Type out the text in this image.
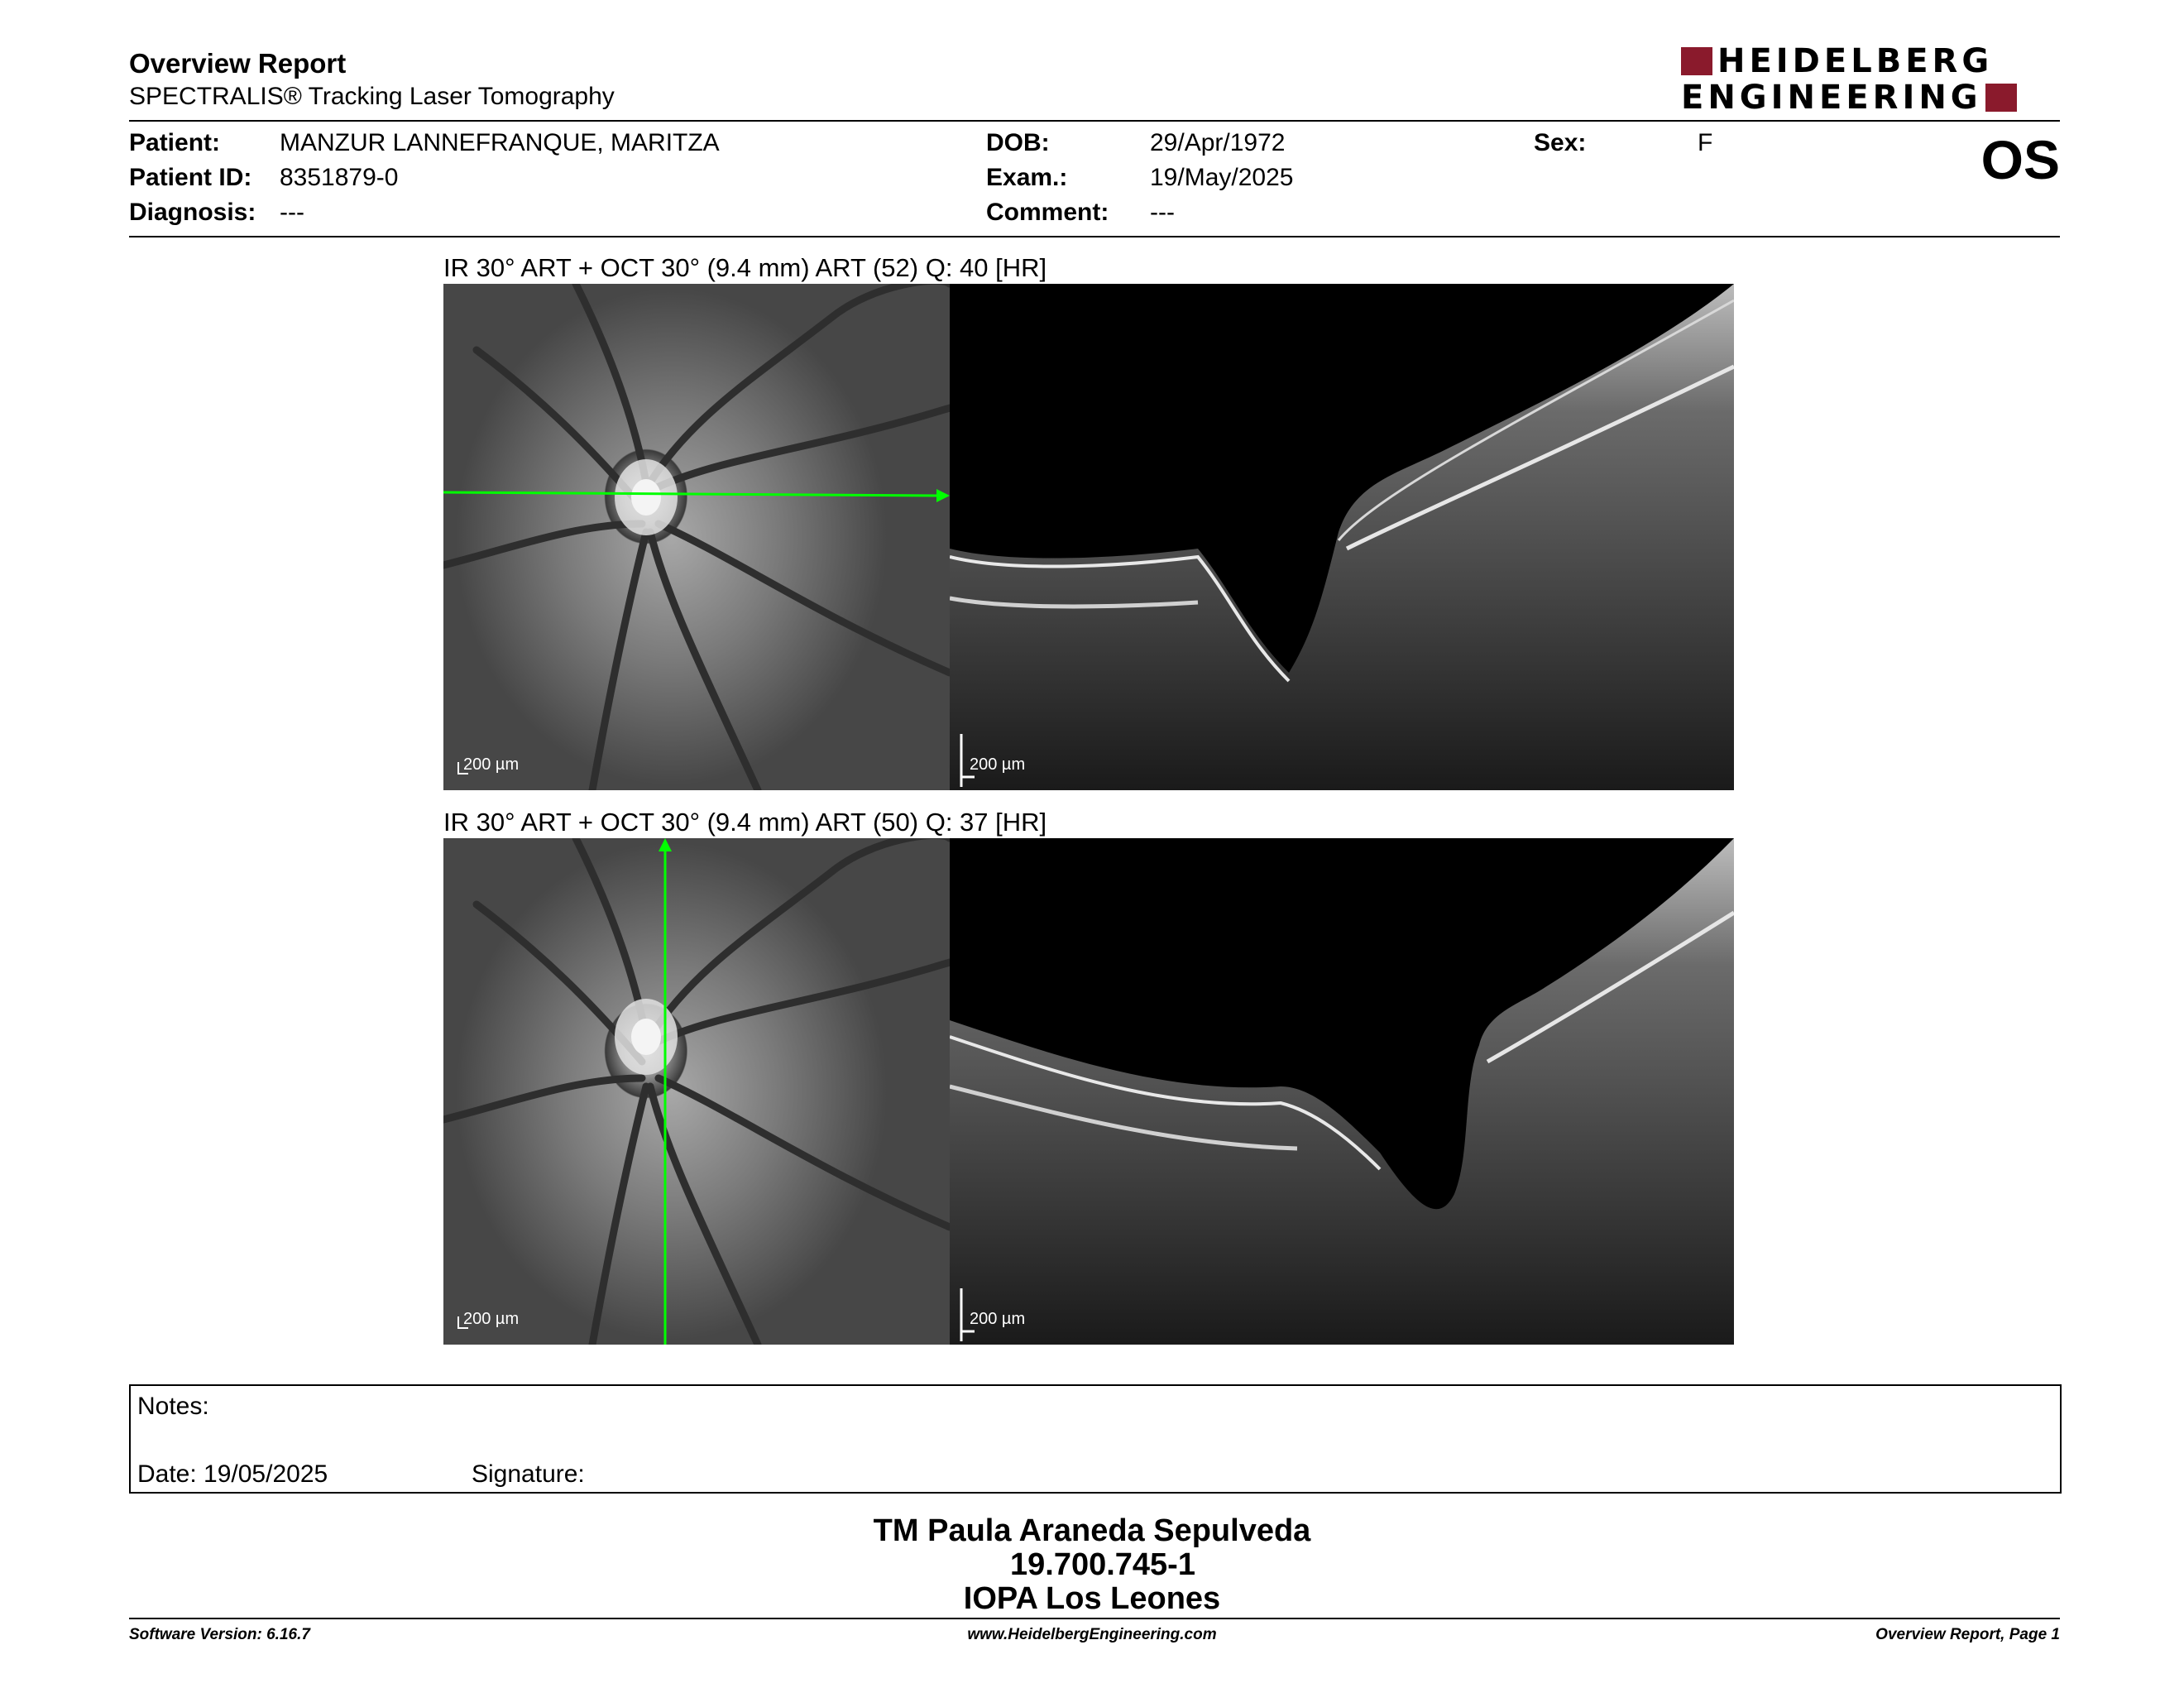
Overview Report
SPECTRALIS® Tracking Laser Tomography
HEIDELBERG
ENGINEERING
Patient: MANZUR LANNEFRANQUE, MARITZA
Patient ID: 8351879-0
Diagnosis: ---
DOB:	29/Apr/1972
Exam.:	19/May/2025
Comment: ---
Sex:	F	OS
IR 30° ART + OCT 30° (9.4 mm) ART (52) Q: 40 [HR]
200 µm	200 µm
IR 30° ART + OCT 30° (9.4 mm) ART (50) Q: 37 [HR]
200 µm	200 µm
Notes:
Date: 19/05/2025	Signature:
TM Paula Araneda Sepulveda
19.700.745-1
IOPA Los Leones
Software Version: 6.16.7	www.HeidelbergEngineering.com	Overview Report, Page 1
